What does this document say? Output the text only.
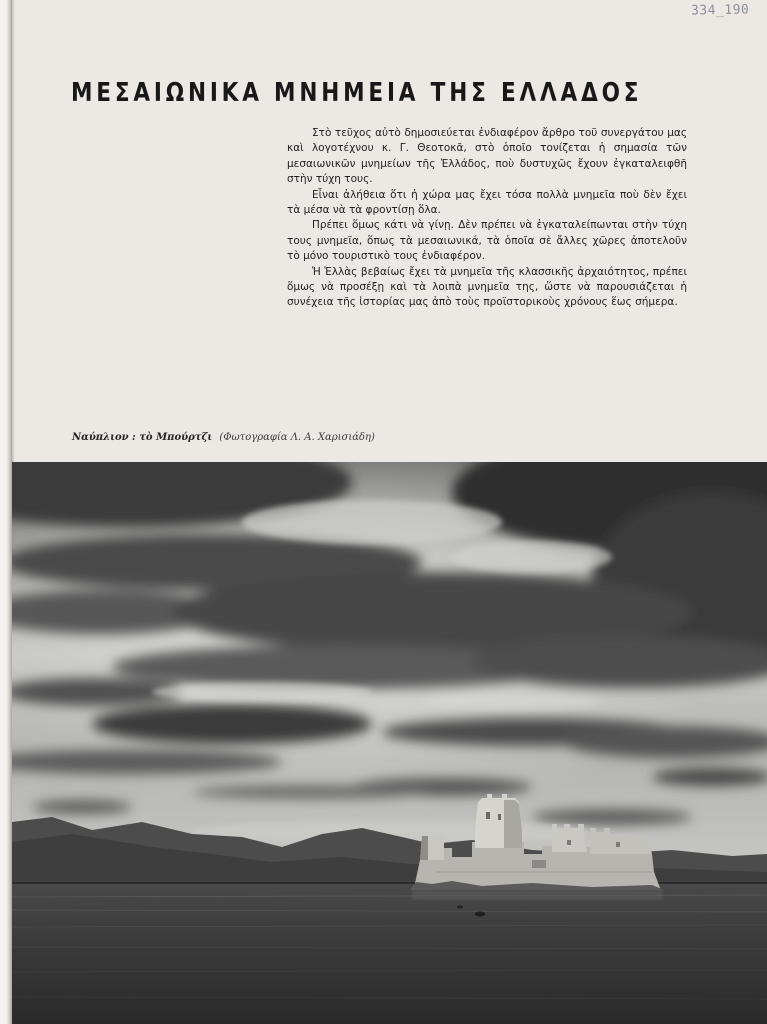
334_190
ΜΕΣΑΙΩΝΙΚΑ ΜΝΗΜΕΙΑ ΤΗΣ ΕΛΛΑΔΟΣ

Στὸ τεῦχος αὐτὸ δημοσιεύεται ἐνδιαφέρον ἄρθρο τοῦ συνεργάτου μας καὶ λογοτέχνου κ. Γ. Θεοτοκᾶ, στὸ ὁποῖο τονίζεται ἡ σημασία τῶν μεσαιωνικῶν μνημείων τῆς Ἑλλάδος, ποὺ δυστυχῶς ἔχουν ἐγκαταλειφθῆ στὴν τύχη τους.

Εἶναι ἀλήθεια ὅτι ἡ χώρα μας ἔχει τόσα πολλὰ μνημεῖα ποὺ δὲν ἔχει τὰ μέσα νὰ τὰ φροντίσῃ ὅλα.

Πρέπει ὅμως κάτι νὰ γίνῃ. Δὲν πρέπει νὰ ἐγκαταλείπωνται στὴν τύχη τους μνημεῖα, ὅπως τὰ μεσαιωνικά, τὰ ὁποῖα σὲ ἄλλες χῶρες ἀποτελοῦν τὸ μόνο τουριστικὸ τους ἐνδιαφέρον.

Ἡ Ἑλλὰς βεβαίως ἔχει τὰ μνημεῖα τῆς κλασσικῆς ἀρχαιότητος, πρέπει ὅμως νὰ προσέξῃ καὶ τὰ λοιπὰ μνημεῖα της, ὥστε νὰ παρουσιάζεται ἡ συνέχεια τῆς ἱστορίας μας ἀπὸ τοὺς προϊστορικοὺς χρόνους ἕως σήμερα.

Ναύπλιον : τὸ Μπούρτζι (Φωτογραφία Λ. Α. Χαρισιάδη)
